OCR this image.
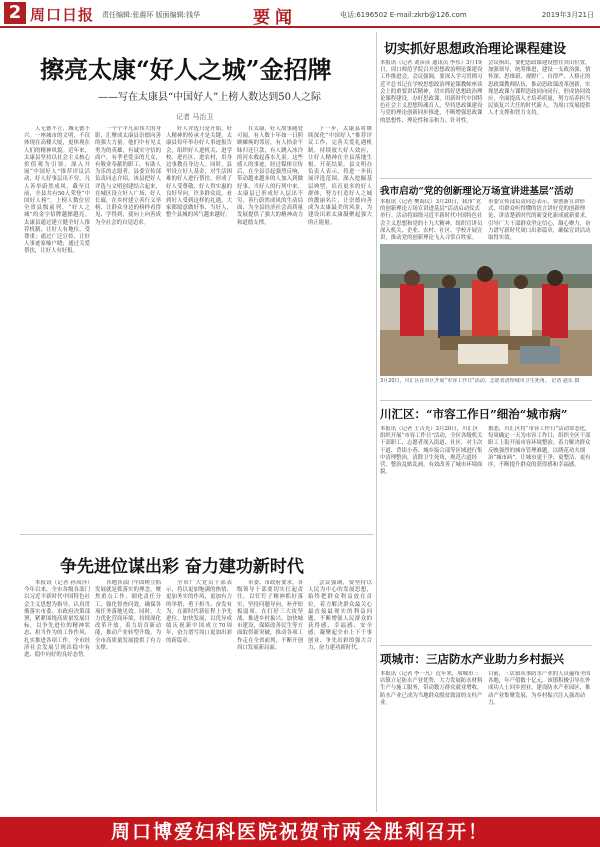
2 周口日报 责任编辑:张震环 版面编辑:钱华	要闻	电话:6196502 E-mail:zkrb@126.com	2019年3月21日
擦亮太康“好人之城”金招牌
——写在太康县“中国好人”上榜人数达到50人之际
记者 马治卫
人无德不立，城无德不兴。一座城市的文明，不仅体现在高楼大厦，更体现在人们的精神风貌。近年来，太康县坚持以社会主义核心价值观为引领，深入开展“中国好人”推荐评议活动，好人好事层出不穷，凡人善举蔚然成风，截至目前，全县共有50人荣登“中国好人榜”，上榜人数位居全省县级前列，“好人之城”的金字招牌越擦越亮。太康县通过建立健全好人推荐机制，让好人有地位、受尊重；通过广泛宣传，让好人事迹家喻户晓；通过关爱帮扶，让好人有好报。
一个个平凡而伟大的身影，汇聚成太康县崇德向善的强大力量。他们中有见义勇为的英雄，有诚实守信的商户，有孝老爱亲的儿女，有敬业奉献的职工，有助人为乐的志愿者。县委宣传部负责同志介绍，该县把好人评选与文明创建结合起来，在城区设立好人广场、好人长廊，在乡村建立善行义举榜，让群众身边的榜样看得见、学得到，使向上向善成为全社会的自觉追求。
好人评选只是开始，好人精神的传承才是关键。太康县每年举办好人事迹报告会，组织好人进机关、进学校、进社区、进农村，用身边事教育身边人。同时，县里设立好人基金，对生活困难的好人进行帮扶，形成了好人受尊敬、好人得实惠的良好导向。许多群众说，看到好人受到这样的礼遇，大家都愿意做好事、当好人，整个县城的风气越来越好。
在太康，好人故事随处可闻。有人数十年如一日照顾瘫痪的邻居，有人拾金不昧归还巨款，有人跳入冰冷的河水救起落水儿童。这些感人的事迹，经过媒体宣传后，在全县引起强烈反响，带动越来越多的人加入到做好事、当好人的行列中来。太康县已形成好人层出不穷、善行蔚然成风的生动局面，为全县经济社会高质量发展提供了强大的精神动力和道德支撑。
下一步，太康县将继续深化“中国好人”推荐评议工作，完善关爱礼遇机制，持续放大好人效应，让好人精神在全县落地生根、开花结果。县文明办负责人表示，将进一步拓展评选范围，深入挖掘基层典型，培育更多的好人群体，努力打造好人之城的靓丽名片，让崇德向善成为太康最美的风景，为建设出彩太康凝聚起强大的正能量。
切实抓好思想政治理论课程建设
本报讯（记者 刘彦彦 通讯员 李东）3月19日，周口师范学院召开思想政治理论课建设工作推进会。会议强调，要深入学习贯彻习近平总书记在学校思想政治理论课教师座谈会上的重要讲话精神，切实抓好思想政治理论课程建设，办好思政课，用新时代中国特色社会主义思想铸魂育人，坚持思政课建设与党的理论创新同步推进，不断增强思政课的思想性、理论性和亲和力、针对性。
会议指出，要把思政课建设摆在突出位置，加强领导，统筹推进，建设一支政治强、情怀深、思维新、视野广、自律严、人格正的思政课教师队伍，推动思政课改革创新，实现思政课与课程思政同向同行，形成协同效应，全面提高人才培养质量，努力培养担当民族复兴大任的时代新人，为周口发展提供人才支撑和智力支持。
我市启动“党的创新理论万场宣讲进基层”活动
本报讯（记者 樊海民）3月20日，我市“党的创新理论万场宣讲进基层”活动启动仪式举行。活动将围绕习近平新时代中国特色社会主义思想和党的十九大精神，组织宣讲员深入机关、企业、农村、社区、学校开展宣讲，推动党的创新理论飞入寻常百姓家。
市委宣传部负责同志表示，要创新宣讲形式，用群众听得懂的语言讲好党的创新理论，讲清楚新时代的新变化新成就新要求，引导广大干部群众坚定信心，凝心聚力，奋力谱写新时代周口出彩篇章，确保宣讲活动取得实效。
3月20日，川汇区在市区开展“市容工作日”活动，志愿者清理城市卫生死角。 记者 赵乐 摄
川汇区：“市容工作日”细治“城市病”
本报讯（记者 王吉光）3月20日，川汇区组织开展“市容工作日”活动，全区各级机关干部职工、志愿者深入街道、社区，对主次干道、背街小巷、城乡接合部等区域进行集中清理整治，清除卫生死角，规范占道经营，整治乱贴乱画，有效改善了城市环境面貌。
据悉，川汇区将“市容工作日”活动常态化，每周确定一天为市容工作日，组织全区干部职工上街开展市容环境整治，着力解决群众反映强烈的城市管理难题，以绣花功夫细治“城市病”，让城市更干净、更整洁、更有序，不断提升群众的获得感和幸福感。
项城市：三店防水产业助力乡村振兴
本报讯（记者 李一凡）近年来，项城市三店镇立足防水产业优势，大力发展防水材料生产与施工服务，带动数万群众就业增收，防水产业已成为当地群众脱贫致富的支柱产业。
目前，三店镇从事防水产业的人员遍布全国各地，年产值数十亿元，该镇积极引导在外成功人士回乡创业，建设防水产业园区，推动产业集聚发展，为乡村振兴注入强劲动力。
争先进位谋出彩 奋力建功新时代
本报讯（记者 孙凤萍）今年以来，全市各级各部门以习近平新时代中国特色社会主义思想为指导，认真贯彻落实市委、市政府决策部署，紧紧围绕高质量发展目标，以争先进位的精神状态、担当作为的工作作风，扎实推进各项工作，全市经济社会发展呈现出稳中有进、稳中向好的良好态势。
各地各部门牢固树立抓发展就是抓落实的理念，聚焦重点工作，细化责任分工，强化督查问效，确保各项任务落地见效。同时，大力优化营商环境，持续深化改革开放，着力培育新动能，推动产业转型升级，为全市高质量发展提供了有力支撑。
全市广大党员干部表示，将以更加饱满的热情、更加务实的作风、更加有力的举措，勇于担当、奋发有为，在新时代新征程上争先进位、加快发展，以优异成绩庆祝新中国成立70周年，奋力谱写周口更加出彩的新篇章。
市委、市政府要求，各级领导干部要切实扛起责任，以钉钉子精神抓好落实，坚持问题导向，补齐短板弱项，在打好三大攻坚战、推进乡村振兴、加快城市建设、保障改善民生等方面取得新突破，推动各项工作走在全省前列，不断开创周口发展新局面。
会议强调，要坚持以人民为中心的发展思想，始终把群众利益放在首位，着力解决群众最关心最直接最现实的利益问题，不断增强人民群众的获得感、幸福感、安全感，凝聚起全市上下干事创业、争先出彩的强大合力，奋力建功新时代。
周口博爱妇科医院祝贺市两会胜利召开！
